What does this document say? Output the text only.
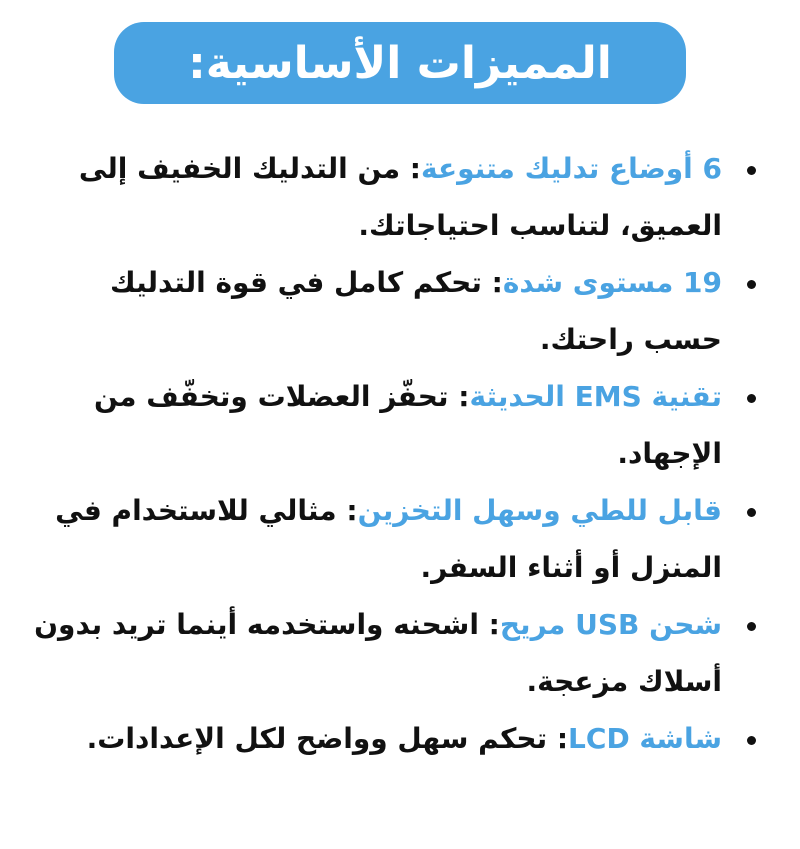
المميزات الأساسية:
6 أوضاع تدليك متنوعة: من التدليك الخفيف إلى العميق، لتناسب احتياجاتك.
19 مستوى شدة: تحكم كامل في قوة التدليك حسب راحتك.
تقنية EMS الحديثة: تحفّز العضلات وتخفّف من الإجهاد.
قابل للطي وسهل التخزين: مثالي للاستخدام في المنزل أو أثناء السفر.
شحن USB مريح: اشحنه واستخدمه أينما تريد بدون أسلاك مزعجة.
شاشة LCD: تحكم سهل وواضح لكل الإعدادات.
